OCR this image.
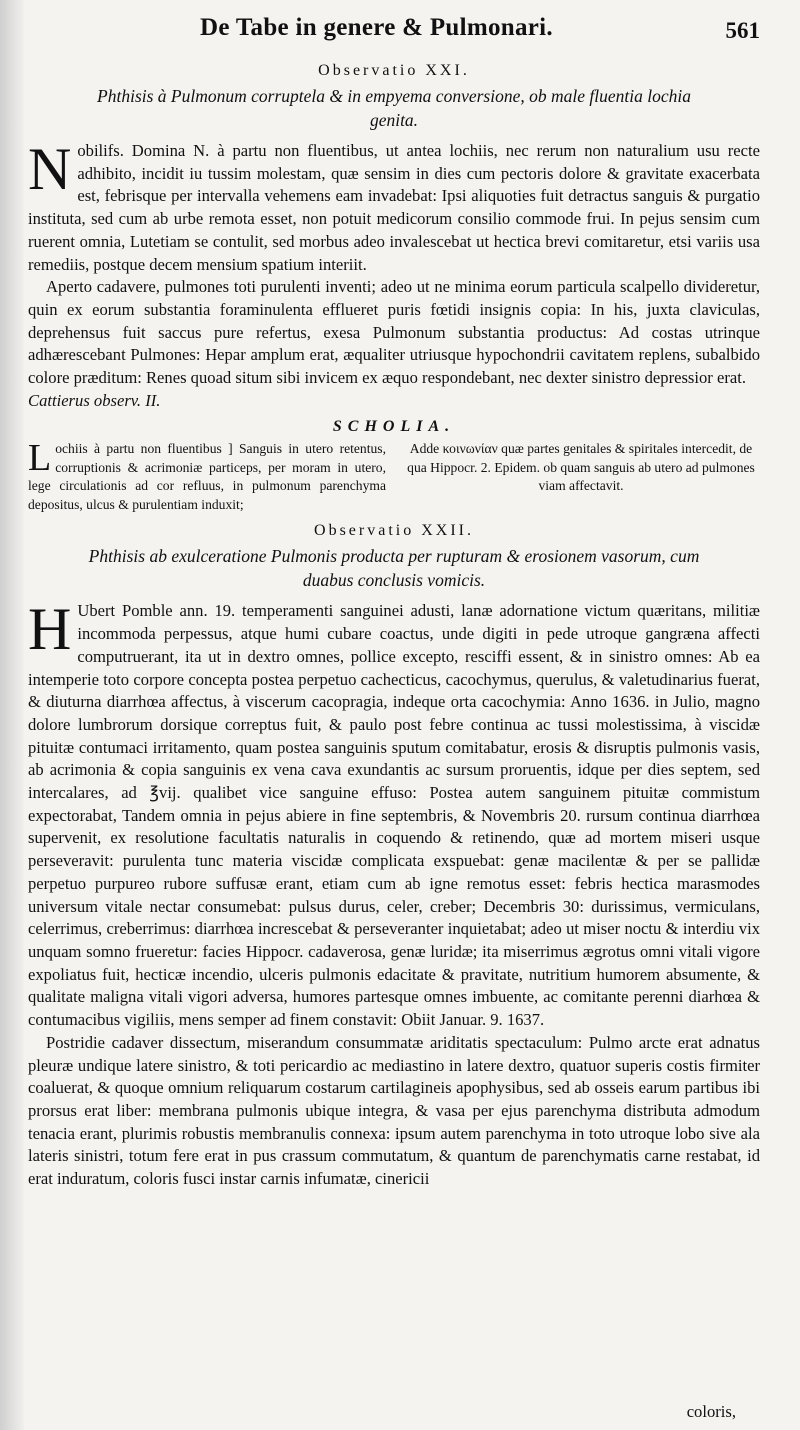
De Tabe in genere & Pulmonari.	561
Observatio XXI.
Phthisis à Pulmonum corruptela & in empyema conversione, ob male fluentia lochia genita.

N obilifs. Domina N. à partu non fluentibus, ut antea lochiis, nec rerum non naturalium usu recte adhibito, incidit iu tussim molestam, quæ sensim in dies cum pectoris dolore & gravitate exacerbata est, febrisque per intervalla vehemens eam invadebat: Ipsi aliquoties fuit detractus sanguis & purgatio instituta, sed cum ab urbe remota esset, non potuit medicorum consilio commode frui. In pejus sensim cum ruerent omnia, Lutetiam se contulit, sed morbus adeo invalescebat ut hectica brevi comitaretur, etsi variis usa remediis, postque decem mensium spatium interiit.

Aperto cadavere, pulmones toti purulenti inventi; adeo ut ne minima eorum particula scalpello divideretur, quin ex eorum substantia foraminulenta efflueret puris fœtidi insignis copia: In his, juxta claviculas, deprehensus fuit saccus pure refertus, exesa Pulmonum substantia productus: Ad costas utrinque adhærescebant Pulmones: Hepar amplum erat, æqualiter utriusque hypochondrii cavitatem replens, subalbido colore præditum: Renes quoad situm sibi invicem ex æquo respondebant, nec dexter sinistro depressior erat.

Cattierus observ. II.

SCHOLIA.
L ochiis à partu non fluentibus ] Sanguis in utero retentus, corruptionis & acrimoniæ particeps, per moram in utero, lege circulationis ad cor refluus, in pulmonum parenchyma depositus, ulcus & purulentiam induxit;
Adde κοινωνίαν quæ partes genitales & spiritales intercedit, de qua Hippocr. 2. Epidem. ob quam sanguis ab utero ad pulmones viam affectavit.
Observatio XXII.
Phthisis ab exulceratione Pulmonis producta per rupturam & erosionem vasorum, cum duabus conclusis vomicis.

H Ubert Pomble ann. 19. temperamenti sanguinei adusti, lanæ adornatione victum quæritans, militiæ incommoda perpessus, atque humi cubare coactus, unde digiti in pede utroque gangræna affecti computruerant, ita ut in dextro omnes, pollice excepto, resciffi essent, & in sinistro omnes: Ab ea intemperie toto corpore concepta postea perpetuo cachecticus, cacochymus, querulus, & valetudinarius fuerat, & diuturna diarrhœa affectus, à viscerum cacopragia, indeque orta cacochymia: Anno 1636. in Julio, magno dolore lumbrorum dorsique correptus fuit, & paulo post febre continua ac tussi molestissima, à viscidæ pituitæ contumaci irritamento, quam postea sanguinis sputum comitabatur, erosis & disruptis pulmonis vasis, ab acrimonia & copia sanguinis ex vena cava exundantis ac sursum proruentis, idque per dies septem, sed intercalares, ad ℥vij. qualibet vice sanguine effuso: Postea autem sanguinem pituitæ commistum expectorabat, Tandem omnia in pejus abiere in fine septembris, & Novembris 20. rursum continua diarrhœa supervenit, ex resolutione facultatis naturalis in coquendo & retinendo, quæ ad mortem miseri usque perseveravit: purulenta tunc materia viscidæ complicata exspuebat: genæ macilentæ & per se pallidæ perpetuo purpureo rubore suffusæ erant, etiam cum ab igne remotus esset: febris hectica marasmodes universum vitale nectar consumebat: pulsus durus, celer, creber; Decembris 30: durissimus, vermiculans, celerrimus, creberrimus: diarrhœa increscebat & perseveranter inquietabat; adeo ut miser noctu & interdiu vix unquam somno frueretur: facies Hippocr. cadaverosa, genæ luridæ; ita miserrimus ægrotus omni vitali vigore expoliatus fuit, hecticæ incendio, ulceris pulmonis edacitate & pravitate, nutritium humorem absumente, & qualitate maligna vitali vigori adversa, humores partesque omnes imbuente, ac comitante perenni diarhœa & contumacibus vigiliis, mens semper ad finem constavit: Obiit Januar. 9. 1637.

Postridie cadaver dissectum, miserandum consummatæ ariditatis spectaculum: Pulmo arcte erat adnatus pleuræ undique latere sinistro, & toti pericardio ac mediastino in latere dextro, quatuor superis costis firmiter coaluerat, & quoque omnium reliquarum costarum cartilagineis apophysibus, sed ab osseis earum partibus ibi prorsus erat liber: membrana pulmonis ubique integra, & vasa per ejus parenchyma distributa admodum tenacia erant, plurimis robustis membranulis connexa: ipsum autem parenchyma in toto utroque lobo sive ala lateris sinistri, totum fere erat in pus crassum commutatum, & quantum de parenchymatis carne restabat, id erat induratum, coloris fusci instar carnis infumatæ, cinericii

coloris,
